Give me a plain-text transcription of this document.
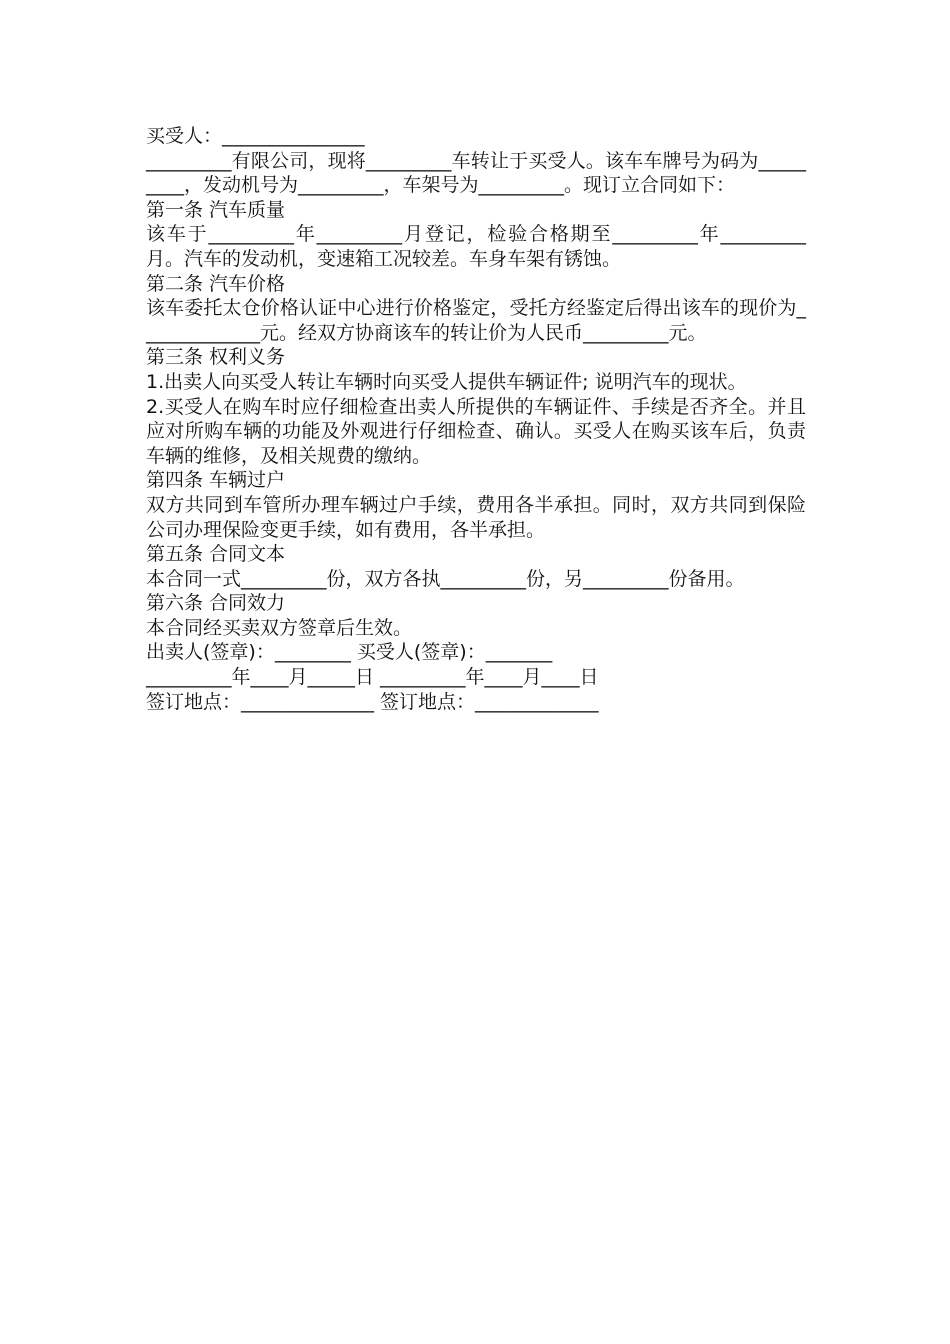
买受人：_______________

_________有限公司，现将_________车转让于买受人。该车车牌号为码为_________，发动机号为_________，车架号为_________。现订立合同如下：

第一条 汽车质量

该车于_________年_________月登记，检验合格期至_________年_________月。汽车的发动机，变速箱工况较差。车身车架有锈蚀。

第二条 汽车价格

该车委托太仓价格认证中心进行价格鉴定，受托方经鉴定后得出该车的现价为_____________元。经双方协商该车的转让价为人民币_________元。

第三条 权利义务

1.出卖人向买受人转让车辆时向买受人提供车辆证件; 说明汽车的现状。

2.买受人在购车时应仔细检查出卖人所提供的车辆证件、手续是否齐全。并且应对所购车辆的功能及外观进行仔细检查、确认。买受人在购买该车后，负责车辆的维修，及相关规费的缴纳。

第四条 车辆过户

双方共同到车管所办理车辆过户手续，费用各半承担。同时，双方共同到保险公司办理保险变更手续，如有费用，各半承担。

第五条 合同文本

本合同一式_________份，双方各执_________份，另_________份备用。

第六条 合同效力

本合同经买卖双方签章后生效。

出卖人(签章)：________ 买受人(签章)：_______

_________年____月_____日 _________年____月____日

签订地点：______________ 签订地点：_____________
